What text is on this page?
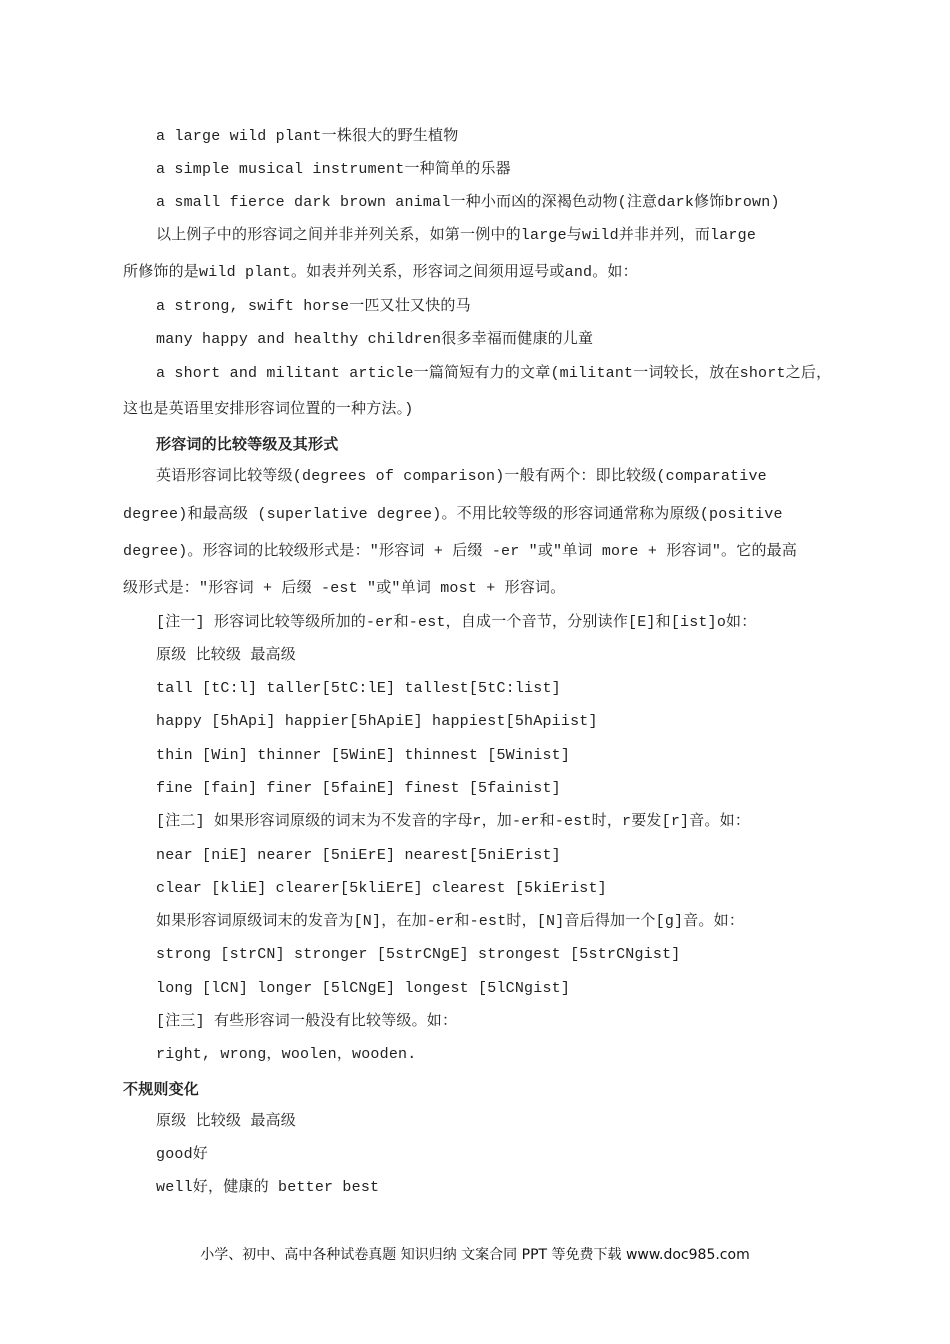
a large wild plant一株很大的野生植物
a simple musical instrument一种简单的乐器
a small fierce dark brown animal一种小而凶的深褐色动物(注意dark修饰brown)
以上例子中的形容词之间并非并列关系，如第一例中的large与wild并非并列，而large
所修饰的是wild plant。如表并列关系，形容词之间须用逗号或and。如：
a strong, swift horse一匹又壮又快的马
many happy and healthy children很多幸福而健康的儿童
a short and militant article一篇简短有力的文章(militant一词较长，放在short之后，
这也是英语里安排形容词位置的一种方法。)
形容词的比较等级及其形式
英语形容词比较等级(degrees of comparison)一般有两个：即比较级(comparative
degree)和最高级 (superlative degree)。不用比较等级的形容词通常称为原级(positive
degree)。形容词的比较级形式是："形容词 + 后缀 -er "或"单词 more + 形容词"。它的最高
级形式是："形容词 + 后缀 -est "或"单词 most + 形容词。
[注一] 形容词比较等级所加的-er和-est，自成一个音节，分别读作[E]和[ist]o如：
原级 比较级 最高级
tall [tC:l] taller[5tC:lE] tallest[5tC:list]
happy [5hApi] happier[5hApiE] happiest[5hApiist]
thin [Win] thinner [5WinE] thinnest [5Winist]
fine [fain] finer [5fainE] finest [5fainist]
[注二] 如果形容词原级的词末为不发音的字母r，加-er和-est时，r要发[r]音。如：
near [niE] nearer [5niErE] nearest[5niErist]
clear [kliE] clearer[5kliErE] clearest [5kiErist]
如果形容词原级词末的发音为[N]，在加-er和-est时，[N]音后得加一个[g]音。如：
strong [strCN] stronger [5strCNgE] strongest [5strCNgist]
long [lCN] longer [5lCNgE] longest [5lCNgist]
[注三] 有些形容词一般没有比较等级。如：
right, wrong，woolen，wooden.
不规则变化
原级 比较级 最高级
good好
well好，健康的 better best
小学、初中、高中各种试卷真题 知识归纳 文案合同 PPT 等免费下载 www.doc985.com
